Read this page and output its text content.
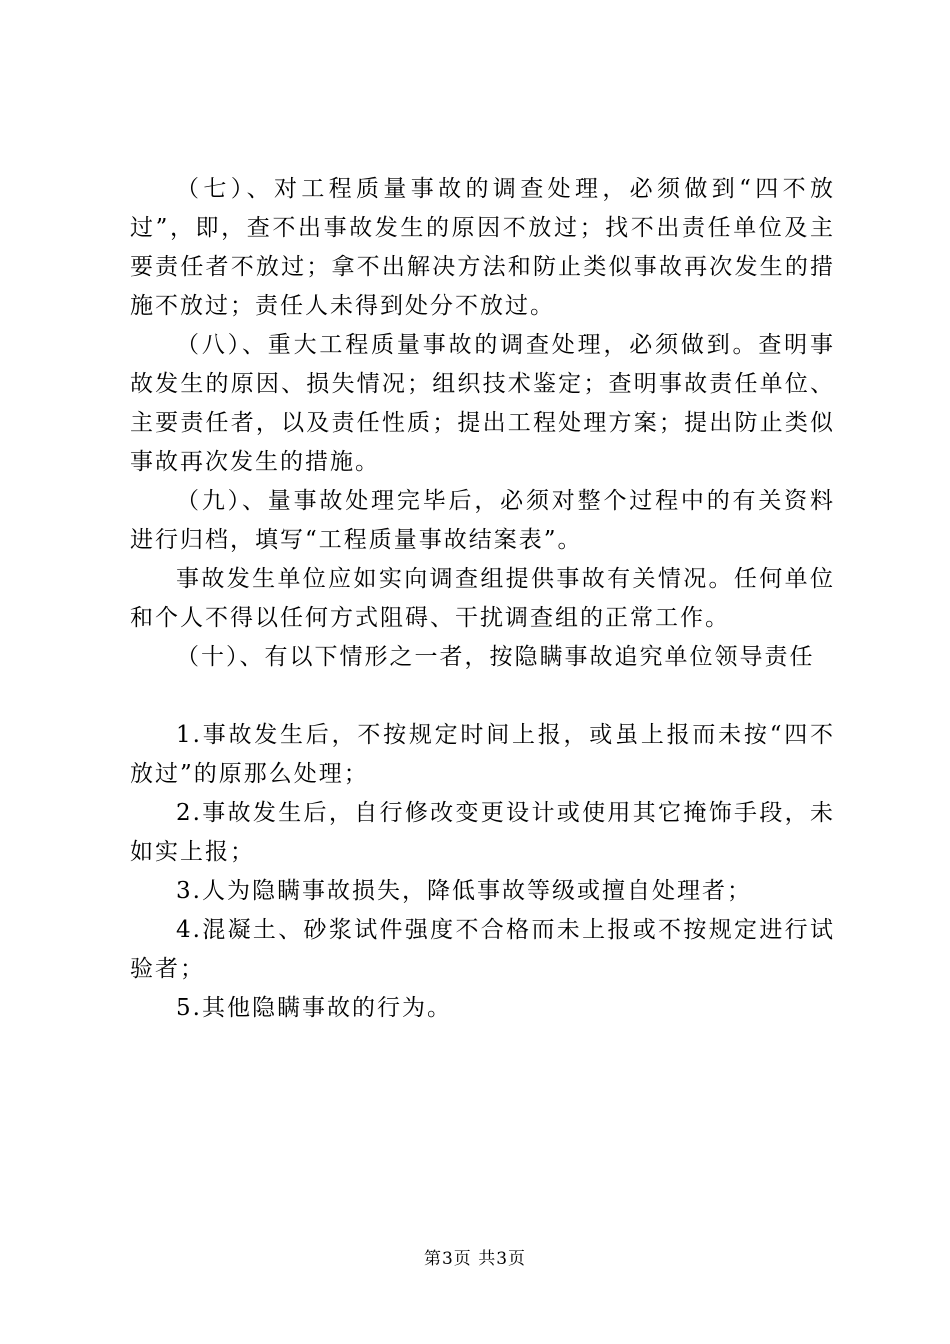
（七）、对工程质量事故的调查处理，必须做到“四不放过”，即，查不出事故发生的原因不放过；找不出责任单位及主要责任者不放过；拿不出解决方法和防止类似事故再次发生的措施不放过；责任人未得到处分不放过。

（八）、重大工程质量事故的调查处理，必须做到。查明事故发生的原因、损失情况；组织技术鉴定；查明事故责任单位、主要责任者，以及责任性质；提出工程处理方案；提出防止类似事故再次发生的措施。

（九）、量事故处理完毕后，必须对整个过程中的有关资料进行归档，填写“工程质量事故结案表”。

事故发生单位应如实向调查组提供事故有关情况。任何单位和个人不得以任何方式阻碍、干扰调查组的正常工作。

（十）、有以下情形之一者，按隐瞒事故追究单位领导责任

1.事故发生后，不按规定时间上报，或虽上报而未按“四不放过”的原那么处理；

2.事故发生后，自行修改变更设计或使用其它掩饰手段，未如实上报；

3.人为隐瞒事故损失，降低事故等级或擅自处理者；

4.混凝土、砂浆试件强度不合格而未上报或不按规定进行试验者；

5.其他隐瞒事故的行为。

第3页 共3页
